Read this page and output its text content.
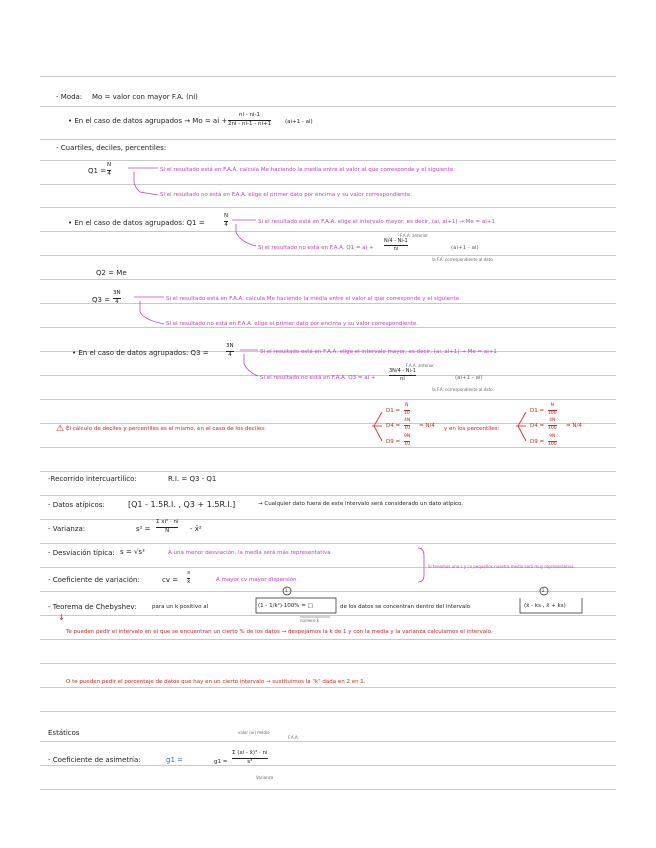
- Moda: Mo = valor con mayor F.A. (ni)
• En el caso de datos agrupados → Mo = ai +
ni - ni-1
2ni - ni-1 - ni+1	(ai+1 - ai)
- Cuartiles, deciles, percentiles:
Q1 =
N
4
Si el resultado está en F.A.A. calcula Me haciendo la media entre el valor al que corresponde y el siguiente.
Si el resultado no está en F.A.A. elige el primer dato por encima y su valor correspondiente.
• En el caso de datos agrupados: Q1 =
N
4	Si el resultado está en F.A.A. elige el intervalo mayor, es decir, (ai, ai+1) → Me = ai+1
F.A.A. anterior
Si el resultado no está en F.A.A. Q1 = ai +
N/4 - Ni-1
ni	(ai+1 - ai)
la F.A. correspondiente al dato
Q2 = Me
Q3 =
3N
4	Si el resultado está en F.A.A. calcula Me haciendo la media entre el valor al que corresponde y el siguiente.
Si el resultado no está en F.A.A. elige el primer dato por encima y su valor correspondiente.
• En el caso de datos agrupados: Q3 =
3N
4	Si el resultado está en F.A.A. elige el intervalo mayor, es decir, (ai, ai+1) → Me = ai+1
F.A.A. anterior
Si el resultado no está en F.A.A. Q3 = ai +
3N/4 - Ni-1
ni	(ai+1 - ai)
la F.A. correspondiente al dato
⚠ El cálculo de deciles y percentiles es el mismo, en el caso de los deciles:
D1 =
N
10
D4 =
4N
10 = N/4
D9 =
9N
10
y en los percentiles:
D1 =
N
100
D4 =
4N
100 = N/4
D9 =
9N
100
-Recorrido intercuartílico:	R.I. = Q3 - Q1
- Datos atípicos:	[Q1 - 1.5R.I. , Q3 + 1.5R.I.]	→ Cualquier dato fuera de este intervalo será considerado un dato atípico.
- Varianza:	s² =
Σ xi² · ni
N	- x̄²
- Desviación típica: s = √s²	A una menor desviación, la media será más representativa
- Coeficiente de variación:	cv =
s
x̄	A mayor cv mayor dispersión
Si tenemos una s y cv pequeños nuestra media será muy representativa.
- Teorema de Chebyshev:	para un k positivo al	(1 - 1/k²)·100% = □	de los datos se concentran dentro del intervalo	(x̄ - ks , x̄ + ks)
1	2
número k
↓
Te pueden pedir el intervalo en el que se encuentran un cierto % de los datos → despejamos la k de 1 y con la media y la varianza calculamos el intervalo.
O te pueden pedir el porcentaje de datos que hay en un cierto intervalo → sustituimos la "k" dada en 2 en 1.
Estáticos
- Coeficiente de asimetría:	g1 =	g1 =
Σ (xi - x̄)³ · ni
s³
valor (xi) medio
F.A.A.
Varianza
